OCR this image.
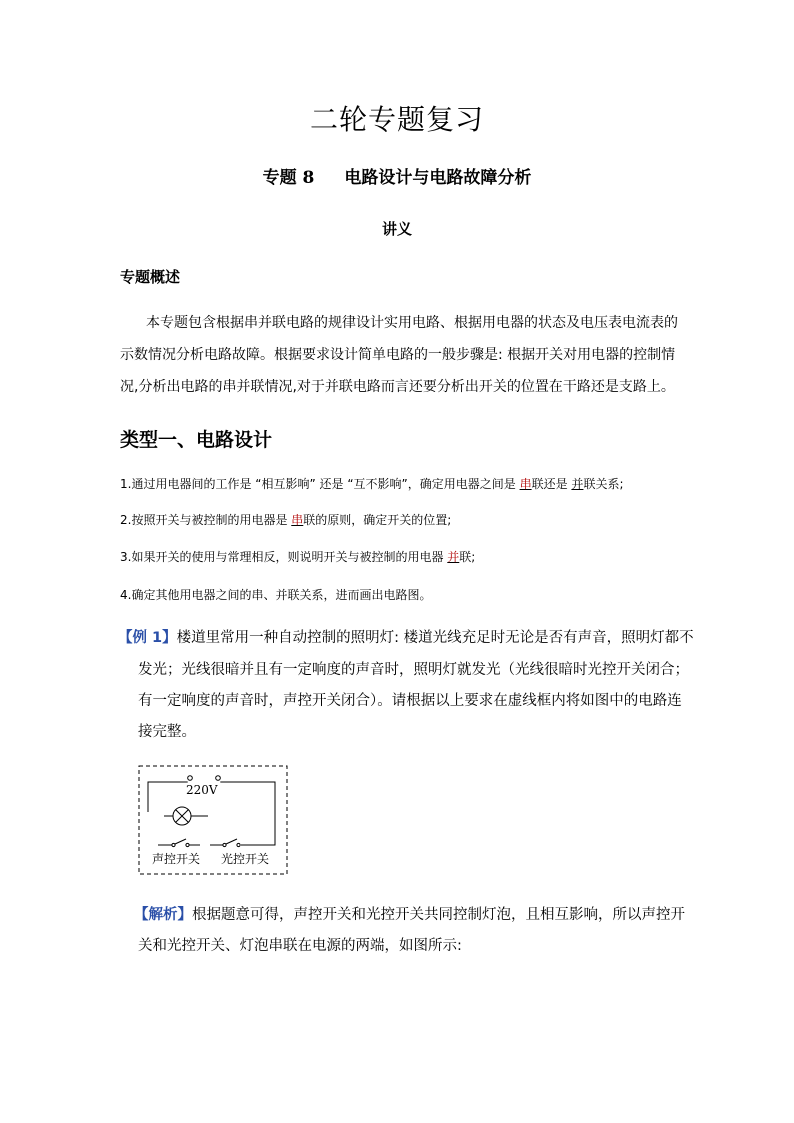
二轮专题复习
专题 8 电路设计与电路故障分析
讲义
专题概述
本专题包含根据串并联电路的规律设计实用电路、根据用电器的状态及电压表电流表的
示数情况分析电路故障。根据要求设计简单电路的一般步骤是: 根据开关对用电器的控制情
况,分析出电路的串并联情况,对于并联电路而言还要分析出开关的位置在干路还是支路上。
类型一、电路设计
1.通过用电器间的工作是 “相互影响” 还是 “互不影响”，确定用电器之间是 串联还是 并联关系;
2.按照开关与被控制的用电器是 串联的原则，确定开关的位置;
3.如果开关的使用与常理相反，则说明开关与被控制的用电器 并联;
4.确定其他用电器之间的串、并联关系，进而画出电路图。
【例 1】楼道里常用一种自动控制的照明灯: 楼道光线充足时无论是否有声音，照明灯都不
发光；光线很暗并且有一定响度的声音时，照明灯就发光（光线很暗时光控开关闭合；
有一定响度的声音时，声控开关闭合）。请根据以上要求在虚线框内将如图中的电路连
接完整。
220V
声控开关 光控开关
【解析】根据题意可得，声控开关和光控开关共同控制灯泡，且相互影响，所以声控开
关和光控开关、灯泡串联在电源的两端，如图所示:
